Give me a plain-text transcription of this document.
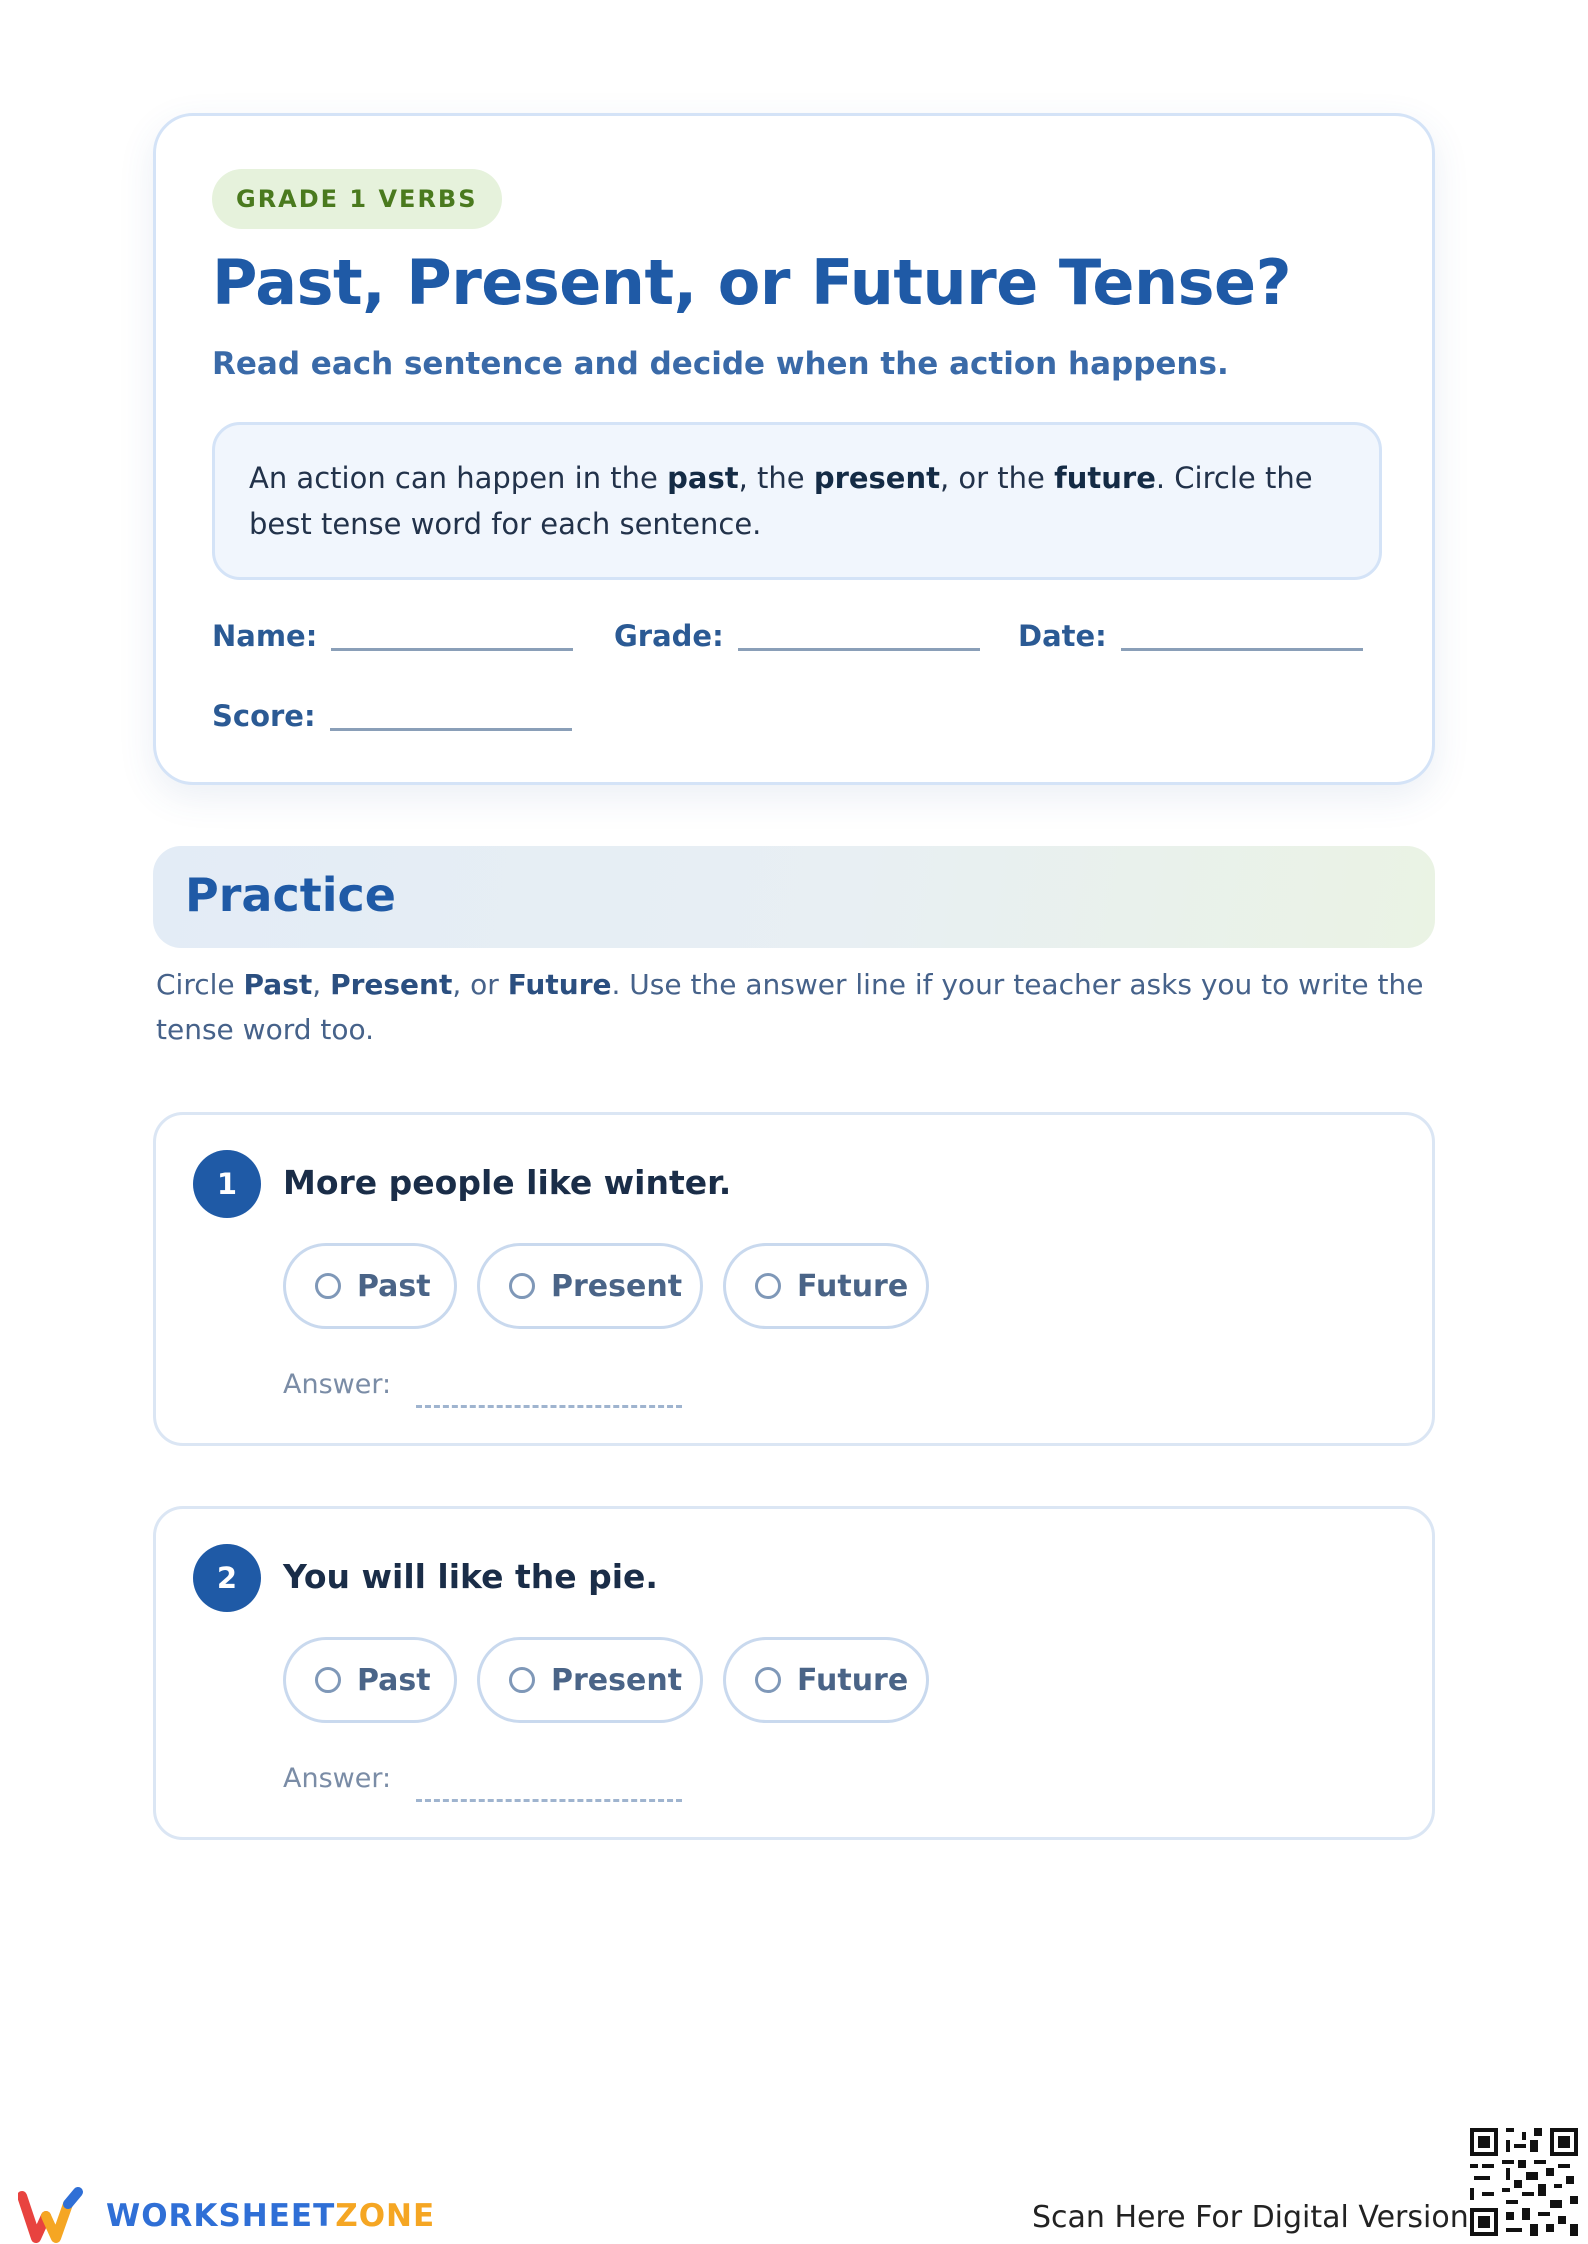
GRADE 1 VERBS
Past, Present, or Future Tense?
Read each sentence and decide when the action happens.
An action can happen in the past, the present, or the future. Circle the best tense word for each sentence.
Name:	Grade:	Date:
Score:
Practice
Circle Past, Present, or Future. Use the answer line if your teacher asks you to write the tense word too.
1	More people like winter.
Past	Present	Future
Answer:
2	You will like the pie.
Past	Present	Future
Answer:
WORKSHEETZONE	Scan Here For Digital Version
